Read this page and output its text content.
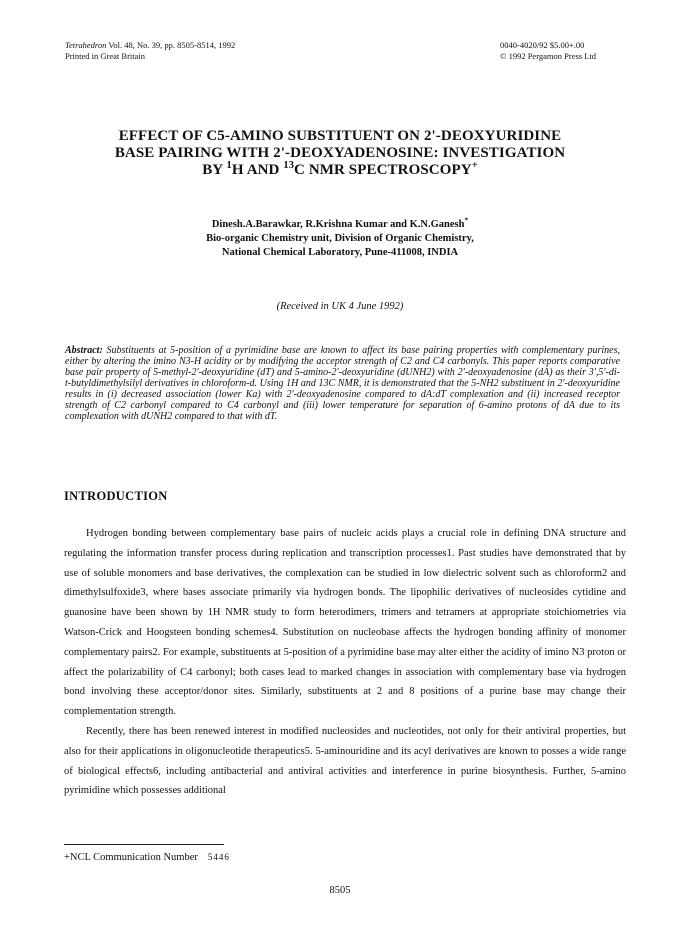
Tetrahedron Vol. 48, No. 39, pp. 8505-8514, 1992
Printed in Great Britain
0040-4020/92 $5.00+.00
© 1992 Pergamon Press Ltd
EFFECT OF C5-AMINO SUBSTITUENT ON 2'-DEOXYURIDINE
BASE PAIRING WITH 2'-DEOXYADENOSINE: INVESTIGATION
BY $^1$H AND $^{13}$C NMR SPECTROSCOPY+
Dinesh.A.Barawkar, R.Krishna Kumar and K.N.Ganesh*
Bio-organic Chemistry unit, Division of Organic Chemistry,
National Chemical Laboratory, Pune-411008, INDIA
(Received in UK 4 June 1992)
Abstract: Substituents at 5-position of a pyrimidine base are known to affect its base pairing properties with complementary purines, either by altering the imino N3-H acidity or by modifying the acceptor strength of C2 and C4 carbonyls. This paper reports comparative base pair property of 5-methyl-2'-deoxyuridine (dT) and 5-amino-2'-deoxyuridine (dUNH2) with 2'-deoxyadenosine (dA) as their 3',5'-di-t-butyldimethylsilyl derivatives in chloroform-d. Using 1H and 13C NMR, it is demonstrated that the 5-NH2 substituent in 2'-deoxyuridine results in (i) decreased association (lower Ka) with 2'-deoxyadenosine compared to dA:dT complexation and (ii) increased receptor strength of C2 carbonyl compared to C4 carbonyl and (iii) lower temperature for separation of 6-amino protons of dA due to its complexation with dUNH2 compared to that with dT.
INTRODUCTION

Hydrogen bonding between complementary base pairs of nucleic acids plays a crucial role in defining DNA structure and regulating the information transfer process during replication and transcription processes1. Past studies have demonstrated that by use of soluble monomers and base derivatives, the complexation can be studied in low dielectric solvent such as chloroform2 and dimethylsulfoxide3, where bases associate primarily via hydrogen bonds. The lipophilic derivatives of nucleosides cytidine and guanosine have been shown by 1H NMR study to form heterodimers, trimers and tetramers at appropriate stoichiometries via Watson-Crick and Hoogsteen bonding schemes4. Substitution on nucleobase affects the hydrogen bonding affinity of monomer complementary pairs2. For example, substituents at 5-position of a pyrimidine base may alter either the acidity of imino N3 proton or affect the polarizability of C4 carbonyl; both cases lead to marked changes in association with complementary base via hydrogen bond involving these acceptor/donor sites. Similarly, substituents at 2 and 8 positions of a purine base may change their complementation strength.

Recently, there has been renewed interest in modified nucleosides and nucleotides, not only for their antiviral properties, but also for their applications in oligonucleotide therapeutics5. 5-aminouridine and its acyl derivatives are known to posses a wide range of biological effects6, including antibacterial and antiviral activities and interference in purine biosynthesis. Further, 5-amino pyrimidine which possesses additional

+NCL Communication Number 5446
8505
